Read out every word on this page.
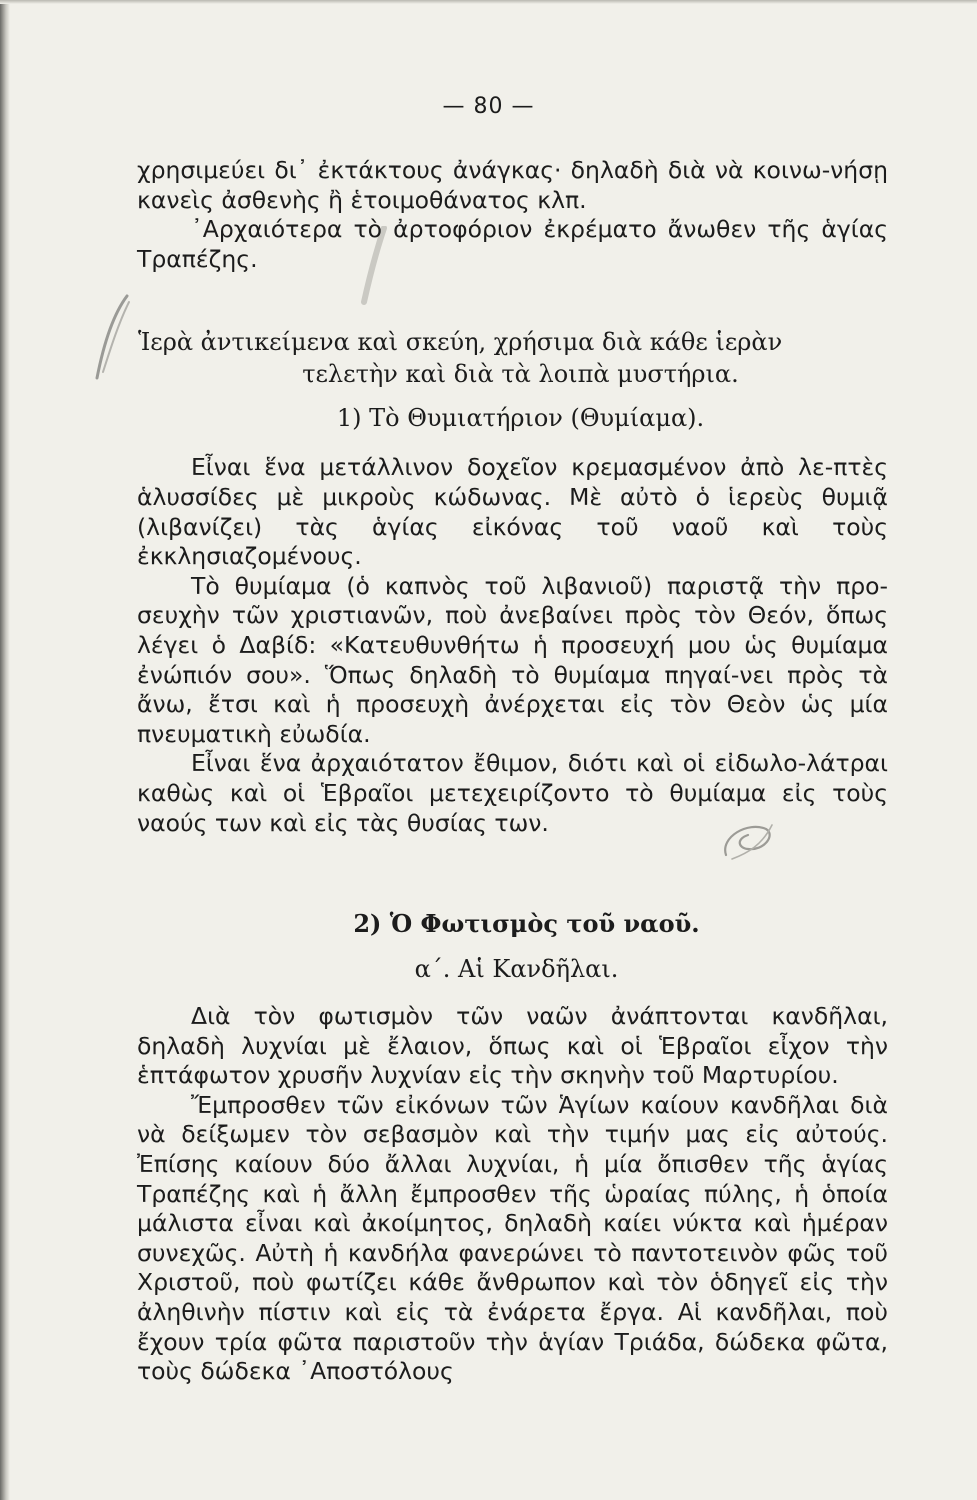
— 80 —

χρησιμεύει δι᾽ ἐκτάκτους ἀνάγκας· δηλαδὴ διὰ νὰ κοινω-νήσῃ κανεὶς ἀσθενὴς ἢ ἑτοιμοθάνατος κλπ.

᾽Αρχαιότερα τὸ ἀρτοφόριον ἐκρέματο ἄνωθεν τῆς ἁγίας Τραπέζης.

Ἱερὰ ἀντικείμενα καὶ σκεύη, χρήσιμα διὰ κάθε ἱερὰν
τελετὴν καὶ διὰ τὰ λοιπὰ μυστήρια.
1) Τὸ Θυμιατήριον (Θυμίαμα).

Εἶναι ἕνα μετάλλινον δοχεῖον κρεμασμένον ἀπὸ λε-πτὲς ἁλυσσίδες μὲ μικροὺς κώδωνας. Μὲ αὐτὸ ὁ ἱερεὺς θυμιᾷ (λιβανίζει) τὰς ἁγίας εἰκόνας τοῦ ναοῦ καὶ τοὺς ἐκκλησιαζομένους.

Τὸ θυμίαμα (ὁ καπνὸς τοῦ λιβανιοῦ) παριστᾷ τὴν προ-σευχὴν τῶν χριστιανῶν, ποὺ ἀνεβαίνει πρὸς τὸν Θεόν, ὅπως λέγει ὁ Δαβίδ: «Κατευθυνθήτω ἡ προσευχή μου ὡς θυμίαμα ἐνώπιόν σου». Ὅπως δηλαδὴ τὸ θυμίαμα πηγαί-νει πρὸς τὰ ἄνω, ἔτσι καὶ ἡ προσευχὴ ἀνέρχεται εἰς τὸν Θεὸν ὡς μία πνευματικὴ εὐωδία.

Εἶναι ἕνα ἀρχαιότατον ἔθιμον, διότι καὶ οἱ εἰδωλο-λάτραι καθὼς καὶ οἱ Ἑβραῖοι μετεχειρίζοντο τὸ θυμίαμα εἰς τοὺς ναούς των καὶ εἰς τὰς θυσίας των.

2) Ὁ Φωτισμὸς τοῦ ναοῦ.
α΄. Αἱ Κανδῆλαι.

Διὰ τὸν φωτισμὸν τῶν ναῶν ἀνάπτονται κανδῆλαι, δηλαδὴ λυχνίαι μὲ ἔλαιον, ὅπως καὶ οἱ Ἑβραῖοι εἶχον τὴν ἑπτάφωτον χρυσῆν λυχνίαν εἰς τὴν σκηνὴν τοῦ Μαρτυρίου.

Ἔμπροσθεν τῶν εἰκόνων τῶν Ἁγίων καίουν κανδῆλαι διὰ νὰ δείξωμεν τὸν σεβασμὸν καὶ τὴν τιμήν μας εἰς αὐτούς. Ἐπίσης καίουν δύο ἄλλαι λυχνίαι, ἡ μία ὄπισθεν τῆς ἁγίας Τραπέζης καὶ ἡ ἄλλη ἔμπροσθεν τῆς ὡραίας πύλης, ἡ ὁποία μάλιστα εἶναι καὶ ἀκοίμητος, δηλαδὴ καίει νύκτα καὶ ἡμέραν συνεχῶς. Αὐτὴ ἡ κανδήλα φανερώνει τὸ παντοτεινὸν φῶς τοῦ Χριστοῦ, ποὺ φωτίζει κάθε ἄνθρωπον καὶ τὸν ὁδηγεῖ εἰς τὴν ἀληθινὴν πίστιν καὶ εἰς τὰ ἐνάρετα ἔργα. Αἱ κανδῆλαι, ποὺ ἔχουν τρία φῶτα παριστοῦν τὴν ἁγίαν Τριάδα, δώδεκα φῶτα, τοὺς δώδεκα ᾽Αποστόλους
